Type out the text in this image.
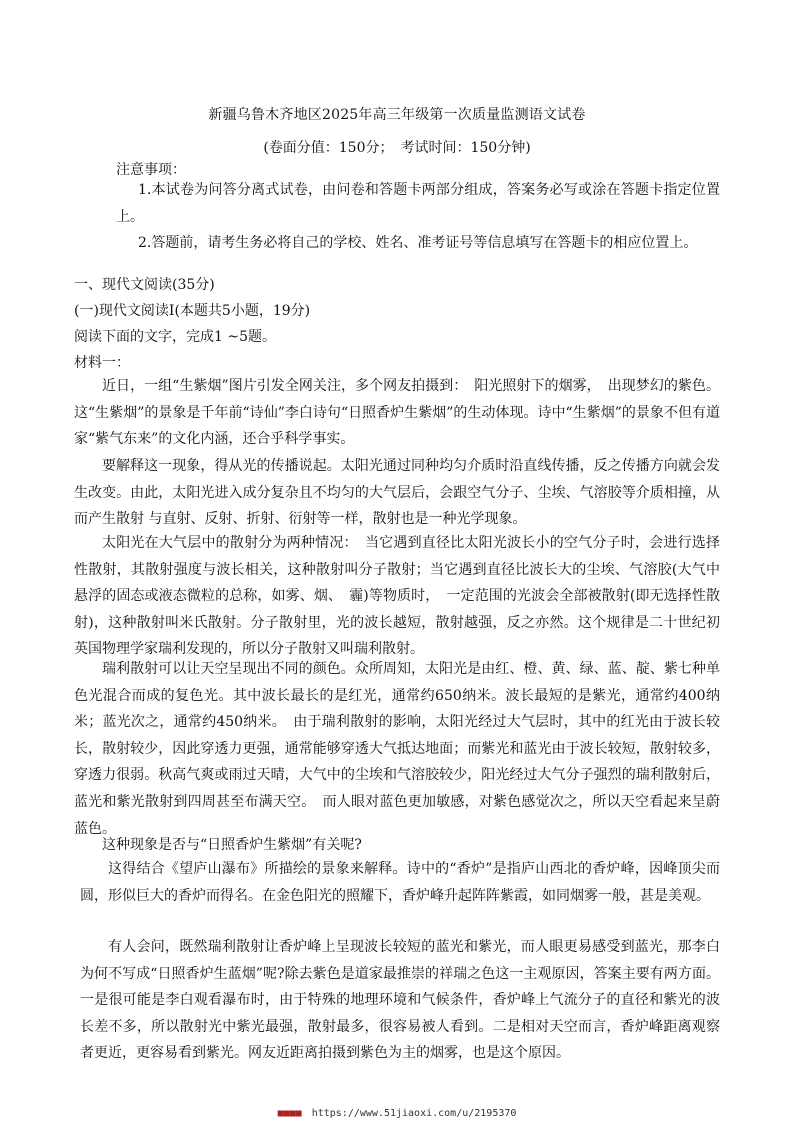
新疆乌鲁木齐地区2025年高三年级第一次质量监测语文试卷
(卷面分值：150分；　考试时间：150分钟)
注意事项：
1.本试卷为问答分离式试卷，由问卷和答题卡两部分组成，答案务必写或涂在答题卡指定位置上。
2.答题前，请考生务必将自己的学校、姓名、准考证号等信息填写在答题卡的相应位置上。
一、现代文阅读(35分)
(一)现代文阅读Ⅰ(本题共5小题，19分)
阅读下面的文字，完成1 ~5题。
材料一：
近日，一组“生紫烟”图片引发全网关注，多个网友拍摄到：　阳光照射下的烟雾，　出现梦幻的紫色。这“生紫烟”的景象是千年前“诗仙”李白诗句“日照香炉生紫烟”的生动体现。诗中“生紫烟”的景象不但有道家“紫气东来”的文化内涵，还合乎科学事实。
要解释这一现象，得从光的传播说起。太阳光通过同种均匀介质时沿直线传播，反之传播方向就会发生改变。由此，太阳光进入成分复杂且不均匀的大气层后，会跟空气分子、尘埃、气溶胶等介质相撞，从而产生散射 与直射、反射、折射、衍射等一样，散射也是一种光学现象。
太阳光在大气层中的散射分为两种情况：　当它遇到直径比太阳光波长小的空气分子时，会进行选择性散射，其散射强度与波长相关，这种散射叫分子散射；当它遇到直径比波长大的尘埃、气溶胶(大气中悬浮的固态或液态微粒的总称，如雾、烟、　霾)等物质时，　一定范围的光波会全部被散射(即无选择性散射)，这种散射叫米氏散射。分子散射里，光的波长越短，散射越强，反之亦然。这个规律是二十世纪初英国物理学家瑞利发现的，所以分子散射又叫瑞利散射。
瑞利散射可以让天空呈现出不同的颜色。众所周知，太阳光是由红、橙、黄、绿、蓝、靛、紫七种单色光混合而成的复色光。其中波长最长的是红光，通常约650纳米。波长最短的是紫光，通常约400纳米；蓝光次之，通常约450纳米。　由于瑞利散射的影响，太阳光经过大气层时，其中的红光由于波长较长，散射较少，因此穿透力更强，通常能够穿透大气抵达地面；而紫光和蓝光由于波长较短，散射较多，穿透力很弱。秋高气爽或雨过天晴，大气中的尘埃和气溶胶较少，阳光经过大气分子强烈的瑞利散射后，蓝光和紫光散射到四周甚至布满天空。　而人眼对蓝色更加敏感，对紫色感觉次之，所以天空看起来呈蔚蓝色。
这种现象是否与“日照香炉生紫烟”有关呢?
这得结合《望庐山瀑布》所描绘的景象来解释。诗中的“香炉”是指庐山西北的香炉峰，因峰顶尖而圆，形似巨大的香炉而得名。在金色阳光的照耀下，香炉峰升起阵阵紫霞，如同烟雾一般，甚是美观。
有人会问，既然瑞利散射让香炉峰上呈现波长较短的蓝光和紫光，而人眼更易感受到蓝光，那李白为何不写成“日照香炉生蓝烟”呢?除去紫色是道家最推崇的祥瑞之色这一主观原因，答案主要有两方面。一是很可能是李白观看瀑布时，由于特殊的地理环境和气候条件，香炉峰上气流分子的直径和紫光的波长差不多，所以散射光中紫光最强，散射最多，很容易被人看到。二是相对天空而言，香炉峰距离观察者更近，更容易看到紫光。网友近距离拍摄到紫色为主的烟雾，也是这个原因。
■■■■ https://www.51jiaoxi.com/u/2195370
